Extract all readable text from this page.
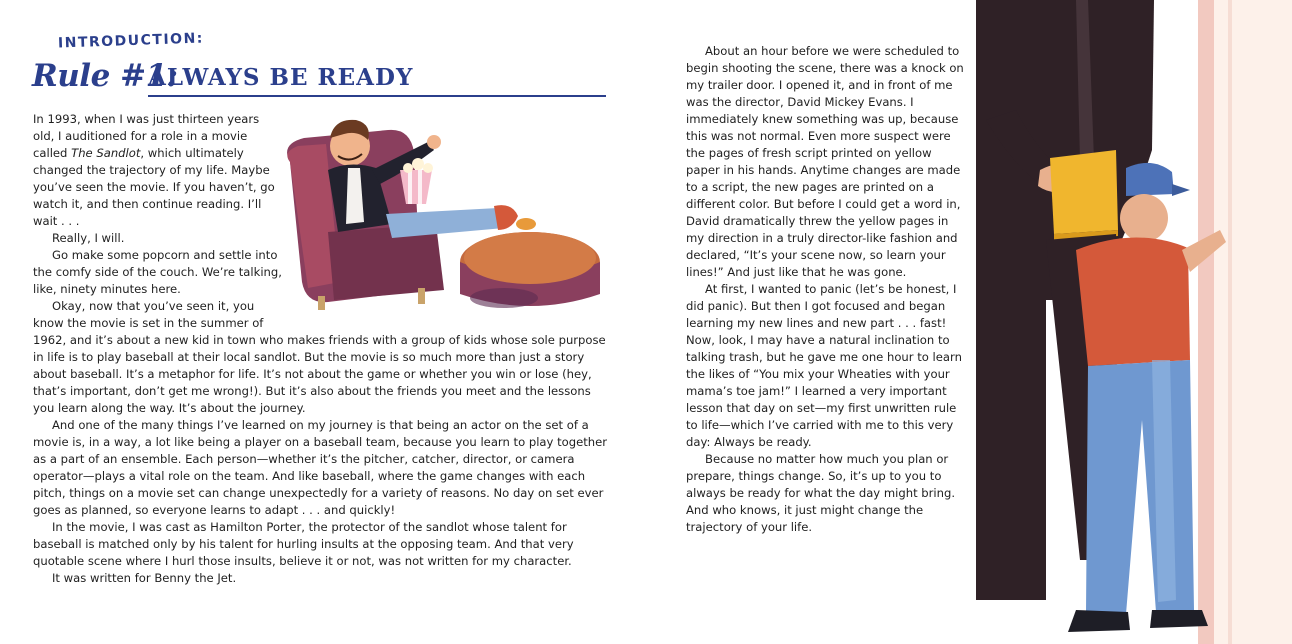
INTRODUCTION:
Rule #1:
ALWAYS BE READY

In 1993, when I was just thirteen years old, I auditioned for a role in a movie called The Sandlot, which ultimately changed the trajectory of my life. Maybe you’ve seen the movie. If you haven’t, go watch it, and then continue reading. I’ll wait . . .

Really, I will.

Go make some popcorn and settle into the comfy side of the couch. We’re talking, like, ninety minutes here.

Okay, now that you’ve seen it, you know the movie is set in the summer of

1962, and it’s about a new kid in town who makes friends with a group of kids whose sole purpose in life is to play baseball at their local sandlot. But the movie is so much more than just a story about baseball. It’s a metaphor for life. It’s not about the game or whether you win or lose (hey, that’s important, don’t get me wrong!). But it’s also about the friends you meet and the lessons you learn along the way. It’s about the journey.

And one of the many things I’ve learned on my journey is that being an actor on the set of a movie is, in a way, a lot like being a player on a baseball team, because you learn to play together as a part of an ensemble. Each person—whether it’s the pitcher, catcher, director, or camera operator—plays a vital role on the team. And like baseball, where the game changes with each pitch, things on a movie set can change unexpectedly for a variety of reasons. No day on set ever goes as planned, so everyone learns to adapt . . . and quickly!

In the movie, I was cast as Hamilton Porter, the protector of the sandlot whose talent for baseball is matched only by his talent for hurling insults at the opposing team. And that very quotable scene where I hurl those insults, believe it or not, was not written for my character.

It was written for Benny the Jet.

About an hour before we were scheduled to begin shooting the scene, there was a knock on my trailer door. I opened it, and in front of me was the director, David Mickey Evans. I immediately knew something was up, because this was not normal. Even more suspect were the pages of fresh script printed on yellow paper in his hands. Anytime changes are made to a script, the new pages are printed on a different color. But before I could get a word in, David dramatically threw the yellow pages in my direction in a truly director-like fashion and declared, “It’s your scene now, so learn your lines!” And just like that he was gone.

At first, I wanted to panic (let’s be honest, I did panic). But then I got focused and began learning my new lines and new part . . . fast! Now, look, I may have a natural inclination to talking trash, but he gave me one hour to learn the likes of “You mix your Wheaties with your mama’s toe jam!” I learned a very important lesson that day on set—my first unwritten rule to life—which I’ve carried with me to this very day: Always be ready.

Because no matter how much you plan or prepare, things change. So, it’s up to you to always be ready for what the day might bring. And who knows, it just might change the trajectory of your life.
